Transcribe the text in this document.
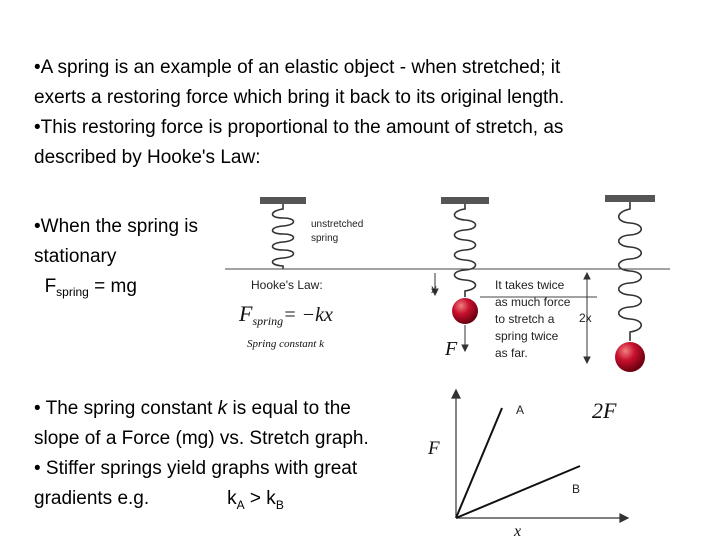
•A spring is an example of an elastic object - when stretched; it
exerts a restoring force which bring it back to its original length.
•This restoring force is proportional to the amount of stretch, as
described by Hooke's Law:
•When the spring is
stationary
$F_{spring}$ = mg
• The spring constant k is equal to the
slope of a Force (mg) vs. Stretch graph.
• Stiffer springs yield graphs with great
gradients e.g.	$k_A > k_B$
unstretched
spring
Hooke's Law:
Fspring= −kx
Spring constant k
x
F
It takes twice
as much force
to stretch a
spring twice
as far.
2x
F
x
A
B
2F
